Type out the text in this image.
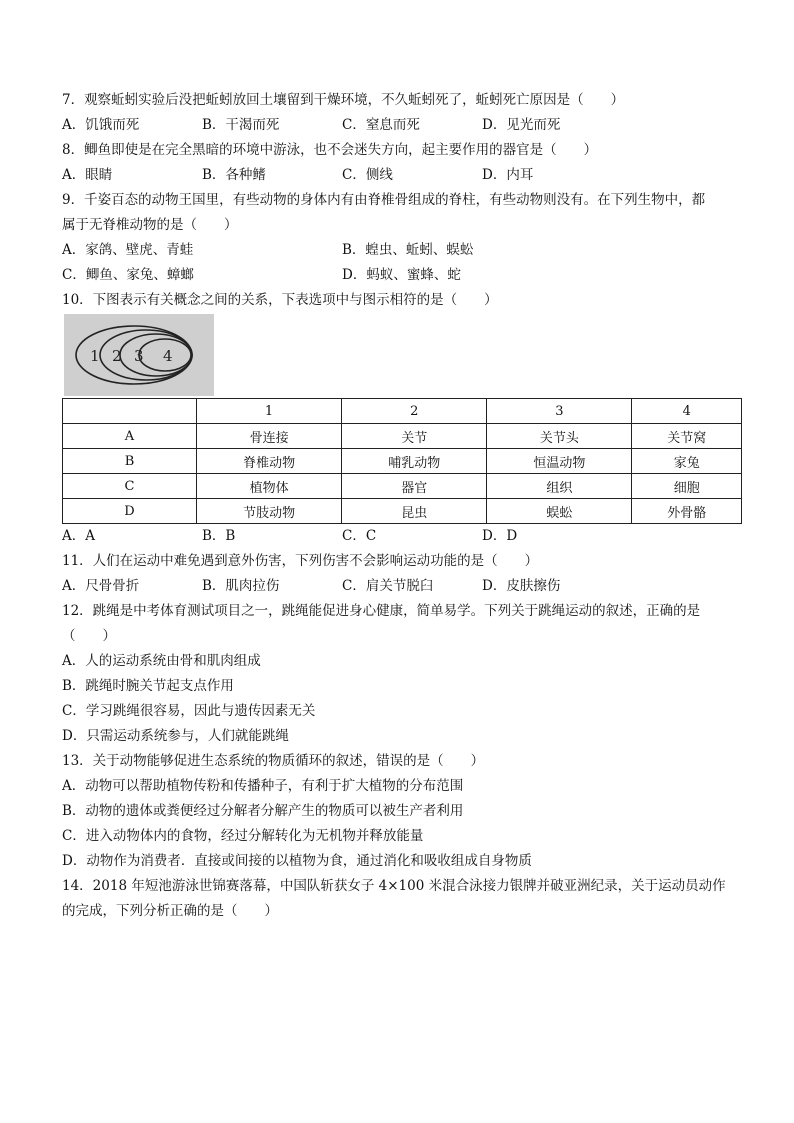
7．观察蚯蚓实验后没把蚯蚓放回土壤留到干燥环境，不久蚯蚓死了，蚯蚓死亡原因是（　　）
A．饥饿而死	B．干渴而死	C．窒息而死	D．见光而死
8．鲫鱼即使是在完全黑暗的环境中游泳，也不会迷失方向，起主要作用的器官是（　　）
A．眼睛	B．各种鳍	C．侧线	D．内耳
9．千姿百态的动物王国里，有些动物的身体内有由脊椎骨组成的脊柱，有些动物则没有。在下列生物中，都
属于无脊椎动物的是（　　）
A．家鸽、壁虎、青蛙	B．蝗虫、蚯蚓、蜈蚣
C．鲫鱼、家兔、蟑螂	D．蚂蚁、蜜蜂、蛇
10．下图表示有关概念之间的关系，下表选项中与图示相符的是（　　）
1 2 3 4
	1	2	3	4
A	骨连接	关节	关节头	关节窝
B	脊椎动物	哺乳动物	恒温动物	家兔
C	植物体	器官	组织	细胞
D	节肢动物	昆虫	蜈蚣	外骨骼
A．A	B．B	C．C	D．D
11．人们在运动中难免遇到意外伤害，下列伤害不会影响运动功能的是（　　）
A．尺骨骨折	B．肌肉拉伤	C．肩关节脱臼	D．皮肤擦伤
12．跳绳是中考体育测试项目之一，跳绳能促进身心健康，简单易学。下列关于跳绳运动的叙述，正确的是
（　　）
A．人的运动系统由骨和肌肉组成
B．跳绳时腕关节起支点作用
C．学习跳绳很容易，因此与遗传因素无关
D．只需运动系统参与，人们就能跳绳
13．关于动物能够促进生态系统的物质循环的叙述，错误的是（　　）
A．动物可以帮助植物传粉和传播种子，有利于扩大植物的分布范围
B．动物的遗体或粪便经过分解者分解产生的物质可以被生产者利用
C．进入动物体内的食物，经过分解转化为无机物并释放能量
D．动物作为消费者．直接或间接的以植物为食，通过消化和吸收组成自身物质
14．2018 年短池游泳世锦赛落幕，中国队斩获女子 4×100 米混合泳接力银牌并破亚洲纪录，关于运动员动作
的完成，下列分析正确的是（　　）
